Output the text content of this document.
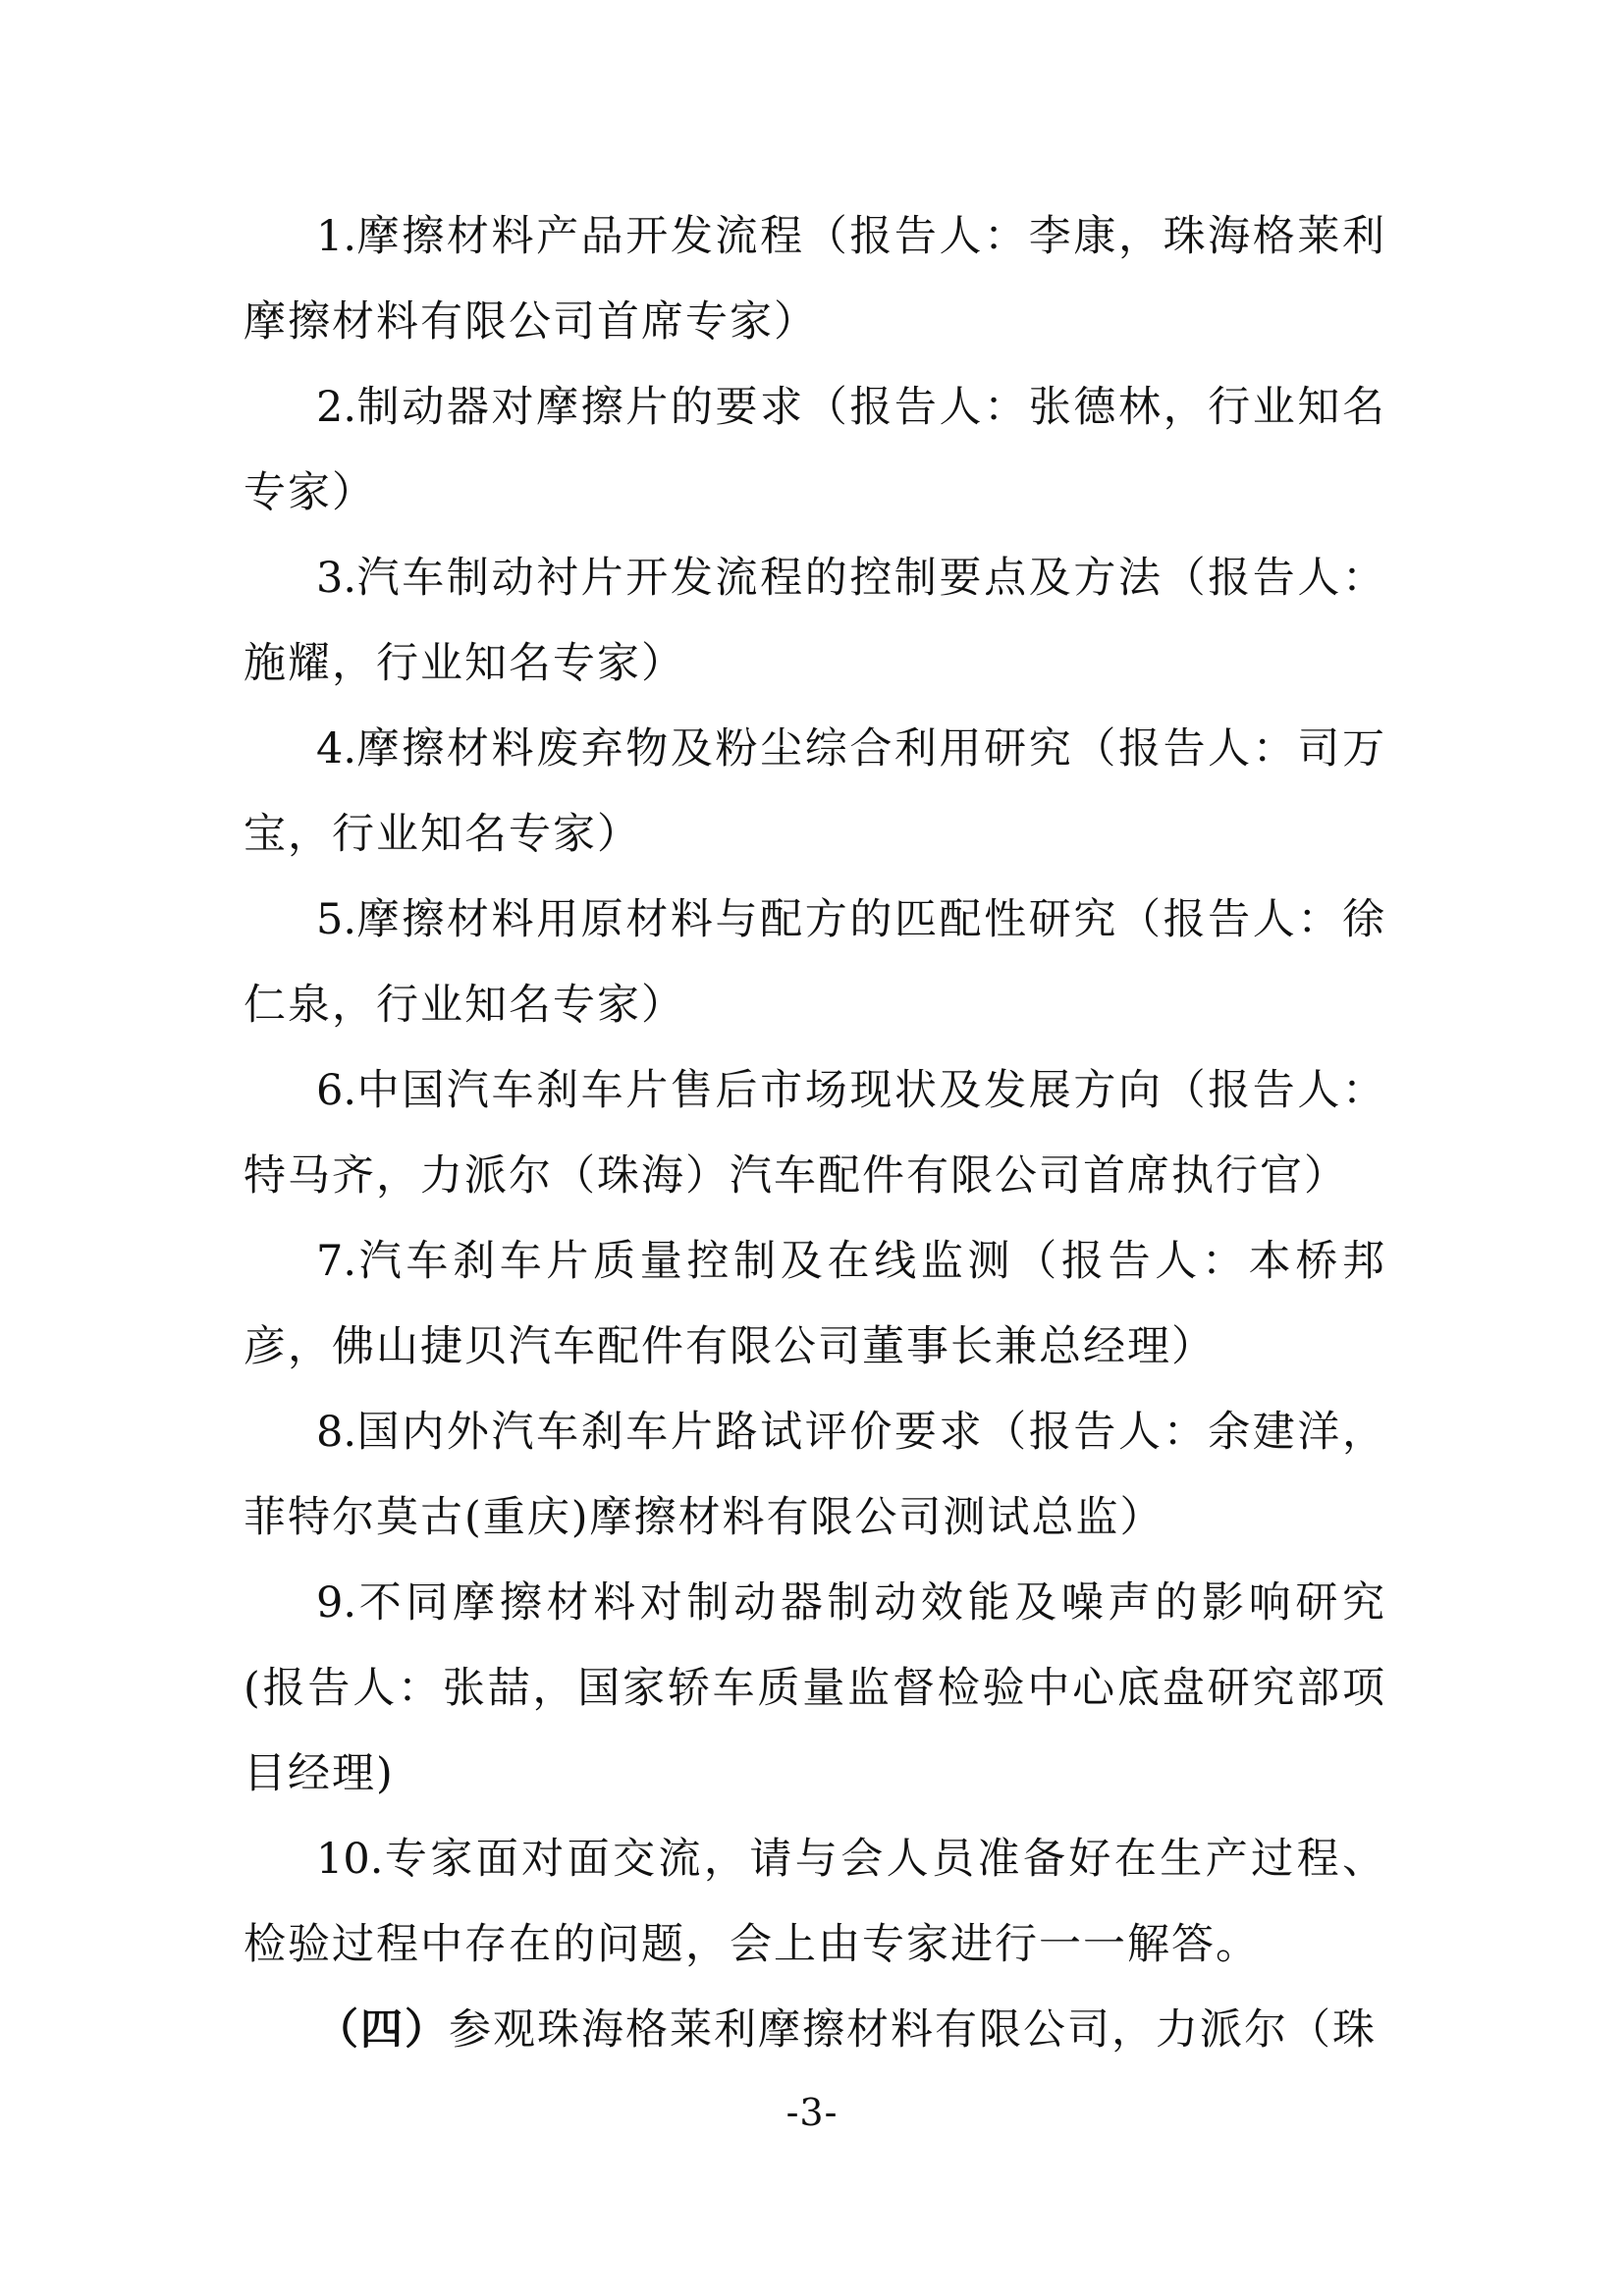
1.摩擦材料产品开发流程（报告人：李康，珠海格莱利摩擦材料有限公司首席专家）

2.制动器对摩擦片的要求（报告人：张德林，行业知名专家）

3.汽车制动衬片开发流程的控制要点及方法（报告人：施耀，行业知名专家）

4.摩擦材料废弃物及粉尘综合利用研究（报告人：司万宝，行业知名专家）

5.摩擦材料用原材料与配方的匹配性研究（报告人：徐仁泉，行业知名专家）

6.中国汽车刹车片售后市场现状及发展方向（报告人：特马齐，力派尔（珠海）汽车配件有限公司首席执行官）

7.汽车刹车片质量控制及在线监测（报告人：本桥邦彦，佛山捷贝汽车配件有限公司董事长兼总经理）

8.国内外汽车刹车片路试评价要求（报告人：余建洋，菲特尔莫古(重庆)摩擦材料有限公司测试总监）

9.不同摩擦材料对制动器制动效能及噪声的影响研究(报告人：张喆，国家轿车质量监督检验中心底盘研究部项目经理)

10.专家面对面交流，请与会人员准备好在生产过程、检验过程中存在的问题，会上由专家进行一一解答。

（四）参观珠海格莱利摩擦材料有限公司，力派尔（珠

-3-
